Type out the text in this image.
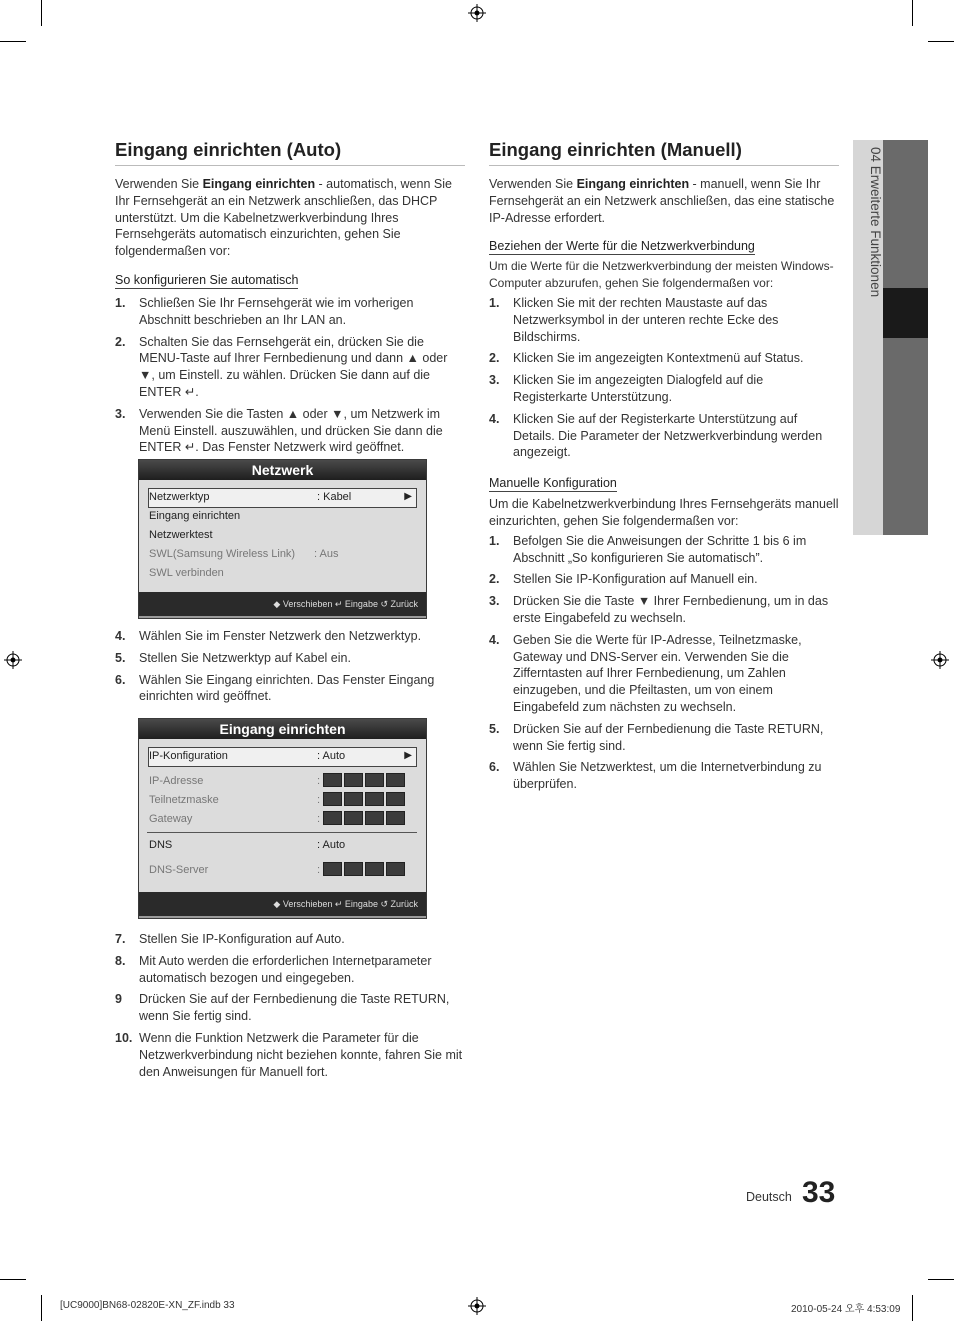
04 Erweiterte Funktionen
Eingang einrichten (Auto)

Verwenden Sie Eingang einrichten - automatisch, wenn Sie Ihr Fernsehgerät an ein Netzwerk anschließen, das DHCP unterstützt. Um die Kabelnetzwerkverbindung Ihres Fernsehgeräts automatisch einzurichten, gehen Sie folgendermaßen vor:

So konfigurieren Sie automatisch

1. Schließen Sie Ihr Fernsehgerät wie im vorherigen Abschnitt beschrieben an Ihr LAN an.
2. Schalten Sie das Fernsehgerät ein, drücken Sie die MENU-Taste auf Ihrer Fernbedienung und dann ▲ oder ▼, um Einstell. zu wählen. Drücken Sie dann auf die ENTER ↵.
3. Verwenden Sie die Tasten ▲ oder ▼, um Netzwerk im Menü Einstell. auszuwählen, und drücken Sie dann die ENTER ↵. Das Fenster Netzwerk wird geöffnet.
Netzwerk
Netzwerktyp	: Kabel	▶
Eingang einrichten
Netzwerktest
SWL(Samsung Wireless Link) : Aus
SWL verbinden
◆ Verschieben ↵ Eingabe ↺ Zurück
4. Wählen Sie im Fenster Netzwerk den Netzwerktyp.
5. Stellen Sie Netzwerktyp auf Kabel ein.
6. Wählen Sie Eingang einrichten. Das Fenster Eingang einrichten wird geöffnet.
Eingang einrichten
IP-Konfiguration	: Auto	▶
IP-Adresse	:
Teilnetzmaske	:
Gateway	:
DNS	: Auto
DNS-Server	:
◆ Verschieben ↵ Eingabe ↺ Zurück
7. Stellen Sie IP-Konfiguration auf Auto.
8. Mit Auto werden die erforderlichen Internetparameter automatisch bezogen und eingegeben.
9 Drücken Sie auf der Fernbedienung die Taste RETURN, wenn Sie fertig sind.
10. Wenn die Funktion Netzwerk die Parameter für die Netzwerkverbindung nicht beziehen konnte, fahren Sie mit den Anweisungen für Manuell fort.
Eingang einrichten (Manuell)

Verwenden Sie Eingang einrichten - manuell, wenn Sie Ihr Fernsehgerät an ein Netzwerk anschließen, das eine statische IP-Adresse erfordert.

Beziehen der Werte für die Netzwerkverbindung

Um die Werte für die Netzwerkverbindung der meisten Windows-Computer abzurufen, gehen Sie folgendermaßen vor:

1. Klicken Sie mit der rechten Maustaste auf das Netzwerksymbol in der unteren rechte Ecke des Bildschirms.
2. Klicken Sie im angezeigten Kontextmenü auf Status.
3. Klicken Sie im angezeigten Dialogfeld auf die Registerkarte Unterstützung.
4. Klicken Sie auf der Registerkarte Unterstützung auf Details. Die Parameter der Netzwerkverbindung werden angezeigt.

Manuelle Konfiguration

Um die Kabelnetzwerkverbindung Ihres Fernsehgeräts manuell einzurichten, gehen Sie folgendermaßen vor:

1. Befolgen Sie die Anweisungen der Schritte 1 bis 6 im Abschnitt „So konfigurieren Sie automatisch”.
2. Stellen Sie IP-Konfiguration auf Manuell ein.
3. Drücken Sie die Taste ▼ Ihrer Fernbedienung, um in das erste Eingabefeld zu wechseln.
4. Geben Sie die Werte für IP-Adresse, Teilnetzmaske, Gateway und DNS-Server ein. Verwenden Sie die Zifferntasten auf Ihrer Fernbedienung, um Zahlen einzugeben, und die Pfeiltasten, um von einem Eingabefeld zum nächsten zu wechseln.
5. Drücken Sie auf der Fernbedienung die Taste RETURN, wenn Sie fertig sind.
6. Wählen Sie Netzwerktest, um die Internetverbindung zu überprüfen.
Deutsch 33
[UC9000]BN68-02820E-XN_ZF.indb 33	2010-05-24 오후 4:53:09
